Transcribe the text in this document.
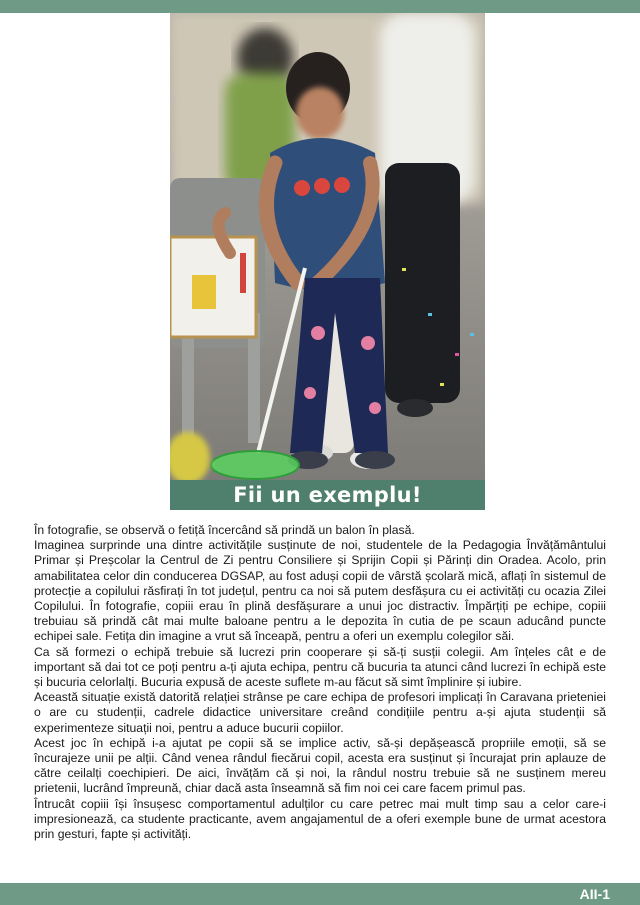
Fii un exemplu!

În fotografie, se observă o fetiță încercând să prindă un balon în plasă.

Imaginea surprinde una dintre activitățile susținute de noi, studentele de la Pedagogia Învățământului Primar și Preșcolar la Centrul de Zi pentru Consiliere și Sprijin Copii și Părinți din Oradea. Acolo, prin amabilitatea celor din conducerea DGSAP, au fost aduși copii de vârstă școlară mică, aflați în sistemul de protecție a copilului răsfirați în tot județul, pentru ca noi să putem desfășura cu ei activități cu ocazia Zilei Copilului. În fotografie, copiii erau în plină desfășurare a unui joc distractiv. Împărțiți pe echipe, copiii trebuiau să prindă cât mai multe baloane pentru a le depozita în cutia de pe scaun aducând puncte echipei sale. Fetița din imagine a vrut să înceapă, pentru a oferi un exemplu colegilor săi.

Ca să formezi o echipă trebuie să lucrezi prin cooperare și să-ți susții colegii. Am înțeles cât e de important să dai tot ce poți pentru a-ți ajuta echipa, pentru că bucuria ta atunci când lucrezi în echipă este și bucuria celorlalți. Bucuria expusă de aceste suflete m-au făcut să simt împlinire și iubire.

Această situație există datorită relației strânse pe care echipa de profesori implicați în Caravana prieteniei o are cu studenții, cadrele didactice universitare creând condițiile pentru a-și ajuta studenții să experimenteze situații noi, pentru a aduce bucurii copiilor.

Acest joc în echipă i-a ajutat pe copii să se implice activ, să-și depășească propriile emoții, să se încurajeze unii pe alții. Când venea rândul fiecărui copil, acesta era susținut și încurajat prin aplauze de către ceilalți coechipieri. De aici, învățăm că și noi, la rândul nostru trebuie să ne susținem mereu prietenii, lucrând împreună, chiar dacă asta înseamnă să fim noi cei care facem primul pas.

Întrucât copiii își însușesc comportamentul adulților cu care petrec mai mult timp sau a celor care-i impresionează, ca studente practicante, avem angajamentul de a oferi exemple bune de urmat acestora prin gesturi, fapte și activități.

AII-1
